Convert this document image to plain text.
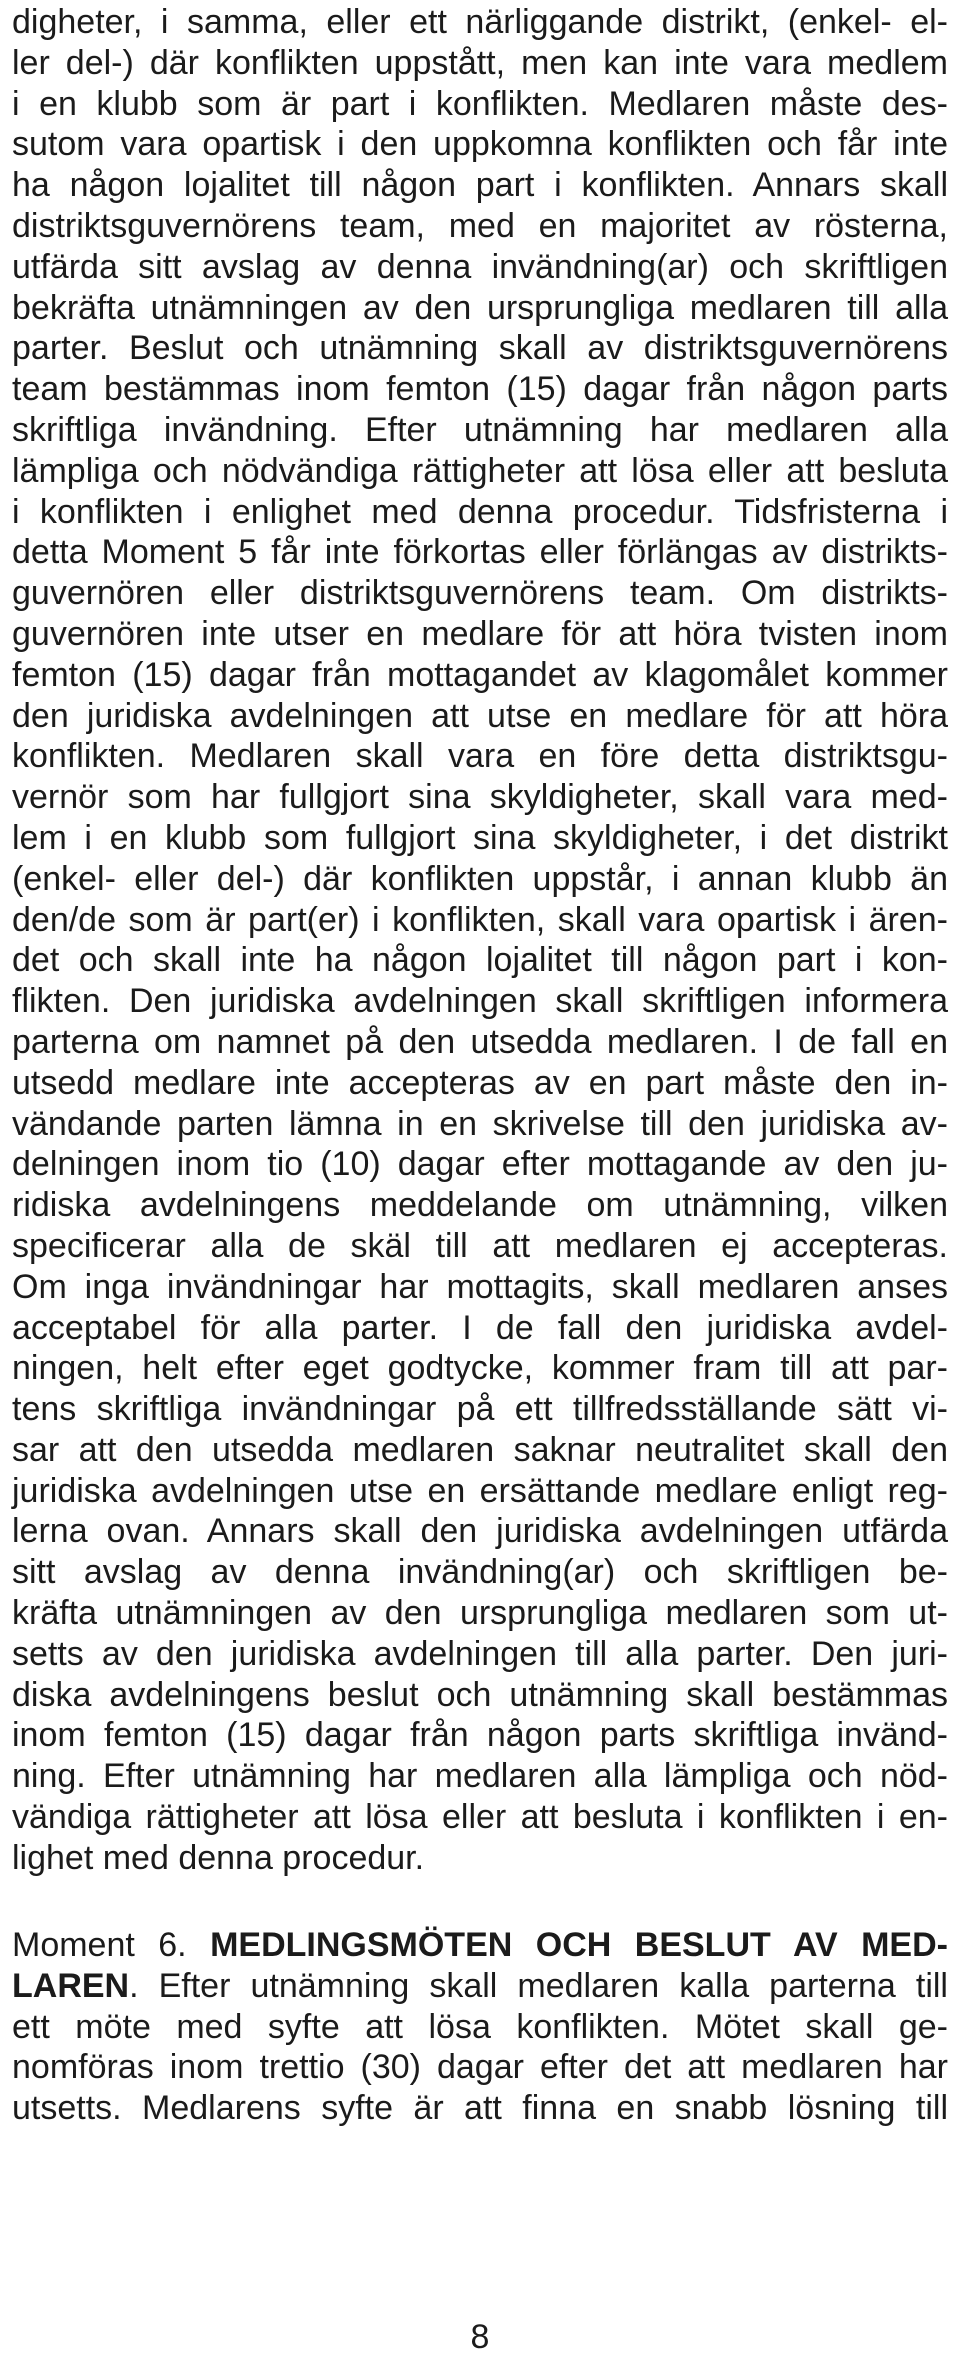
digheter, i samma, eller ett närliggande distrikt, (enkel- el-
ler del-) där konflikten uppstått, men kan inte vara medlem
i en klubb som är part i konflikten. Medlaren måste des-
sutom vara opartisk i den uppkomna konflikten och får inte
ha någon lojalitet till någon part i konflikten. Annars skall
distriktsguvernörens team, med en majoritet av rösterna,
utfärda sitt avslag av denna invändning(ar) och skriftligen
bekräfta utnämningen av den ursprungliga medlaren till alla
parter. Beslut och utnämning skall av distriktsguvernörens
team bestämmas inom femton (15) dagar från någon parts
skriftliga invändning. Efter utnämning har medlaren alla
lämpliga och nödvändiga rättigheter att lösa eller att besluta
i konflikten i enlighet med denna procedur. Tidsfristerna i
detta Moment 5 får inte förkortas eller förlängas av distrikts-
guvernören eller distriktsguvernörens team. Om distrikts-
guvernören inte utser en medlare för att höra tvisten inom
femton (15) dagar från mottagandet av klagomålet kommer
den juridiska avdelningen att utse en medlare för att höra
konflikten. Medlaren skall vara en före detta distriktsgu-
vernör som har fullgjort sina skyldigheter, skall vara med-
lem i en klubb som fullgjort sina skyldigheter, i det distrikt
(enkel- eller del-) där konflikten uppstår, i annan klubb än
den/de som är part(er) i konflikten, skall vara opartisk i ären-
det och skall inte ha någon lojalitet till någon part i kon-
flikten. Den juridiska avdelningen skall skriftligen informera
parterna om namnet på den utsedda medlaren. I de fall en
utsedd medlare inte accepteras av en part måste den in-
vändande parten lämna in en skrivelse till den juridiska av-
delningen inom tio (10) dagar efter mottagande av den ju-
ridiska avdelningens meddelande om utnämning, vilken
specificerar alla de skäl till att medlaren ej accepteras.
Om inga invändningar har mottagits, skall medlaren anses
acceptabel för alla parter. I de fall den juridiska avdel-
ningen, helt efter eget godtycke, kommer fram till att par-
tens skriftliga invändningar på ett tillfredsställande sätt vi-
sar att den utsedda medlaren saknar neutralitet skall den
juridiska avdelningen utse en ersättande medlare enligt reg-
lerna ovan. Annars skall den juridiska avdelningen utfärda
sitt avslag av denna invändning(ar) och skriftligen be-
kräfta utnämningen av den ursprungliga medlaren som ut-
setts av den juridiska avdelningen till alla parter. Den juri-
diska avdelningens beslut och utnämning skall bestämmas
inom femton (15) dagar från någon parts skriftliga invänd-
ning. Efter utnämning har medlaren alla lämpliga och nöd-
vändiga rättigheter att lösa eller att besluta i konflikten i en-
lighet med denna procedur.
Moment 6. MEDLINGSMÖTEN OCH BESLUT AV MED-
LAREN. Efter utnämning skall medlaren kalla parterna till
ett möte med syfte att lösa konflikten. Mötet skall ge-
nomföras inom trettio (30) dagar efter det att medlaren har
utsetts. Medlarens syfte är att finna en snabb lösning till
8
